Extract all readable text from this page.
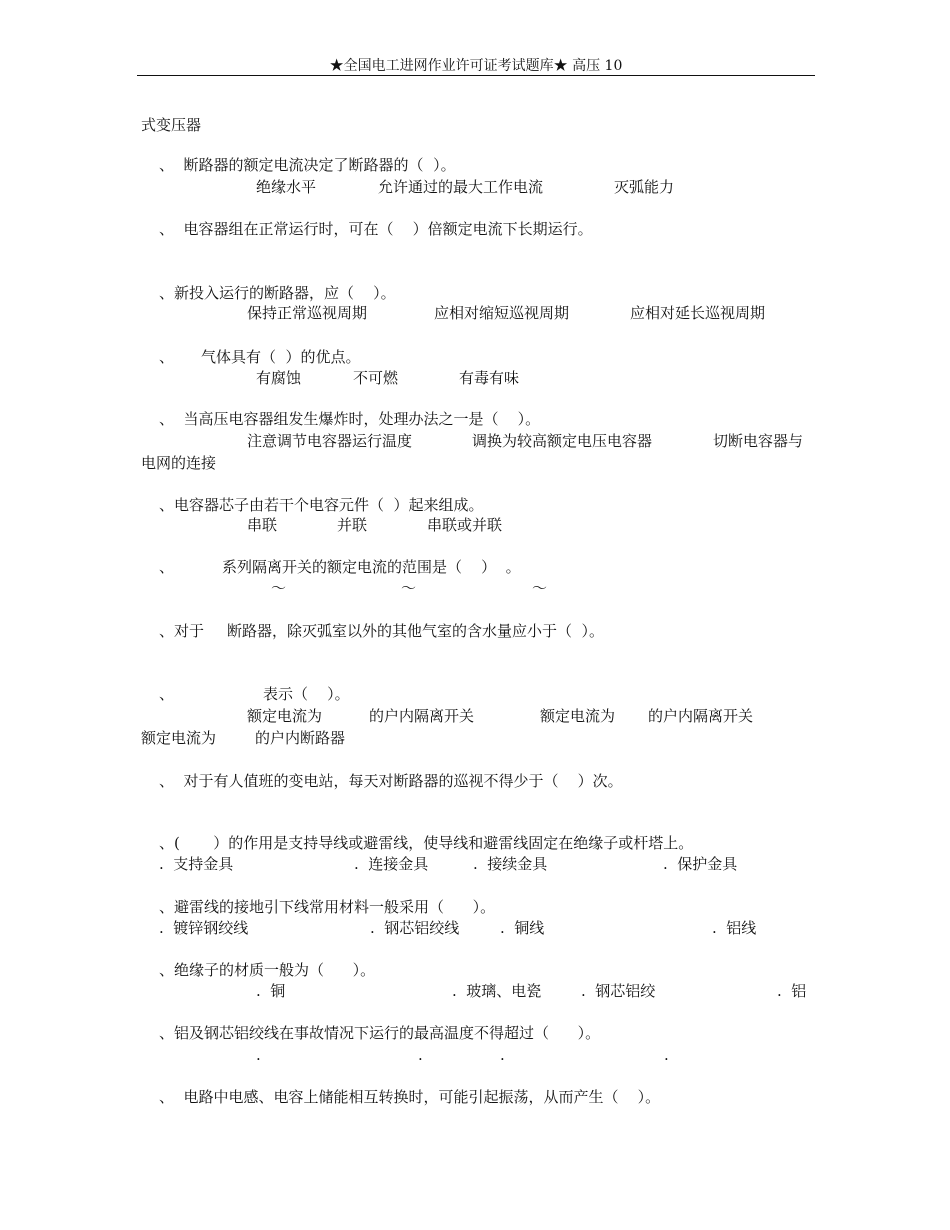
★全国电工进网作业许可证考试题库★ 高压 10
式变压器
、  断路器的额定电流决定了断路器的（  ）。
绝缘水平	允许通过的最大工作电流	灭弧能力
、  电容器组在正常运行时，可在（    ）倍额定电流下长期运行。
、新投入运行的断路器，应（    ）。
保持正常巡视周期	应相对缩短巡视周期	应相对延长巡视周期
、 气体具有（  ）的优点。
有腐蚀	不可燃	有毒有味
、  当高压电容器组发生爆炸时，处理办法之一是（    ）。
注意调节电容器运行温度	调换为较高额定电压电容器	切断电容器与
电网的连接
、电容器芯子由若干个电容元件（  ）起来组成。
串联	并联	串联或并联
、	系列隔离开关的额定电流的范围是（    ）  。
～	～	～
、对于 断路器，除灭弧室以外的其他气室的含水量应小于（  ）。
、	表示（    ）。
额定电流为	的户内隔离开关	额定电流为 的户内隔离开关
额定电流为	的户内断路器
、  对于有人值班的变电站，每天对断路器的巡视不得少于（    ）次。
、(       ）的作用是支持导线或避雷线，使导线和避雷线固定在绝缘子或杆塔上。
.  支持金具	.  连接金具	.  接续金具	.  保护金具
、避雷线的接地引下线常用材料一般采用（      ）。
.  镀锌钢绞线	.  钢芯铝绞线	.  铜线	.  铝线
、绝缘子的材质一般为（      ）。
.  铜	.  玻璃、电瓷	.  钢芯铝绞	.  铝
、铝及钢芯铝绞线在事故情况下运行的最高温度不得超过（      ）。
.	.	.	.
、  电路中电感、电容上储能相互转换时，可能引起振荡，从而产生（    ）。
